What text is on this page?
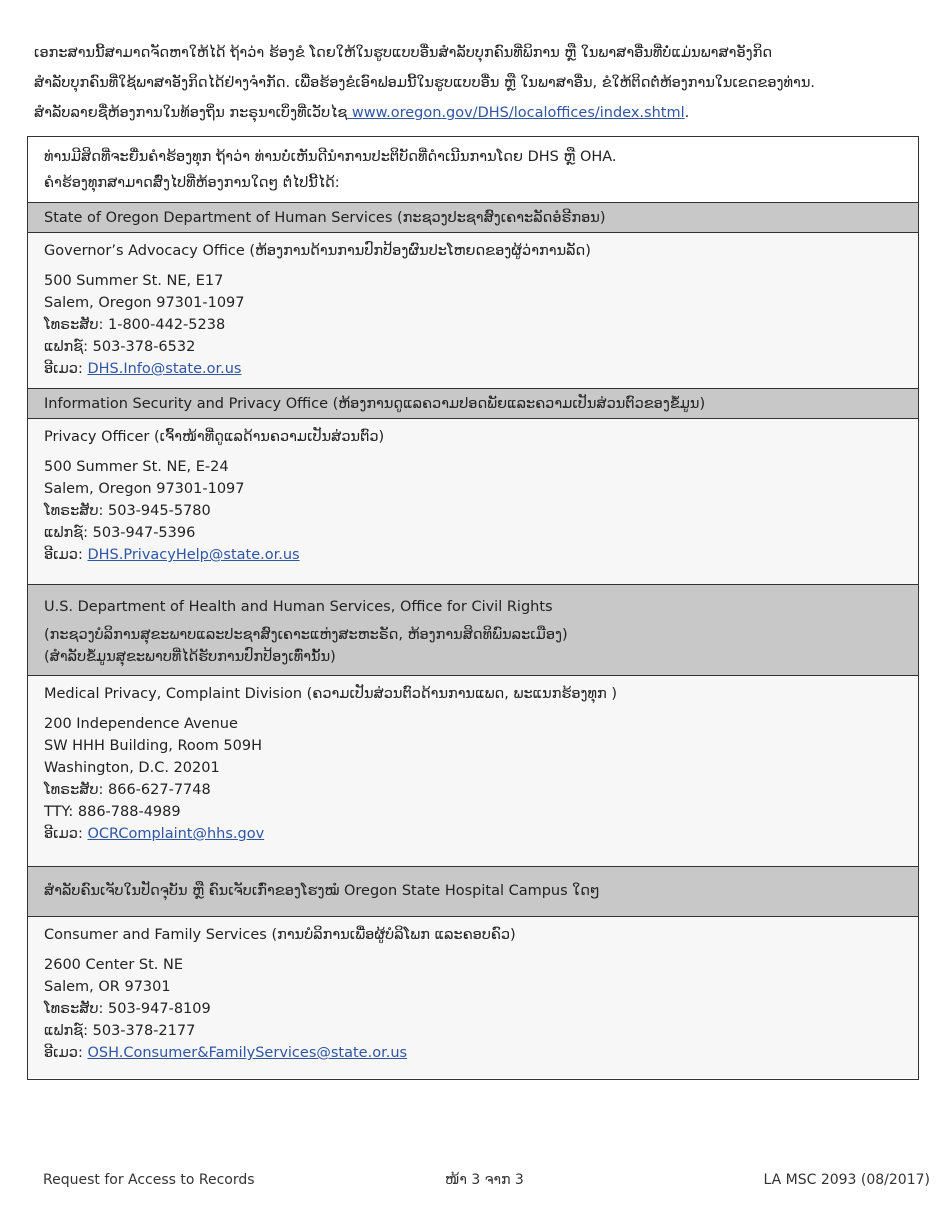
ເອກະສານນີ້ສາມາດຈັດຫາໃຫ້ໄດ້ ຖ້າວ່າ ຮ້ອງຂໍ ໂດຍໃຫ້ໃນຮູບແບບອື່ນສຳລັບບຸກຄົນທີ່ພິການ ຫຼື ໃນພາສາອື່ນທີ່ບໍ່ແມ່ນພາສາອັງກິດ

ສຳລັບບຸກຄົນທີ່ໃຊ້ພາສາອັງກິດໄດ້ຢ່າງຈຳກັດ. ເພື່ອຮ້ອງຂໍເອົາຟອມນີ້ໃນຮູບແບບອື່ນ ຫຼື ໃນພາສາອື່ນ, ຂໍໃຫ້ຕິດຕໍ່ຫ້ອງການໃນເຂດຂອງທ່ານ.

ສຳລັບລາຍຊື່ຫ້ອງການໃນທ້ອງຖິ່ນ ກະຣຸນາເບິ່ງທີ່ເວັບໄຊ www.oregon.gov/DHS/localoffices/index.shtml.

ທ່ານມີສິດທີ່ຈະຍື່ນຄຳຮ້ອງທຸກ ຖ້າວ່າ ທ່ານບໍ່ເຫັນດີນຳການປະຕິບັດທີ່ດຳເນີນການໂດຍ DHS ຫຼື OHA.

ຄຳຮ້ອງທຸກສາມາດສົ່ງໄປທີ່ຫ້ອງການໃດໆ ຕໍ່ໄປນີ້ໄດ້:

State of Oregon Department of Human Services (ກະຊວງປະຊາສົງເຄາະລັດອໍຣີກອນ)

Governor’s Advocacy Office (ຫ້ອງການດ້ານການປົກປ້ອງຜົນປະໂຫຍດຂອງຜູ້ວ່າການລັດ)

500 Summer St. NE, E17

Salem, Oregon 97301-1097

ໂທຣະສັບ: 1-800-442-5238

ແຟກຊ໌: 503-378-6532

ອີເມວ: DHS.Info@state.or.us

Information Security and Privacy Office (ຫ້ອງການດູແລຄວາມປອດພັຍແລະຄວາມເປັນສ່ວນຕົວຂອງຂໍ້ມູນ)

Privacy Officer (ເຈົ້າໜ້າທີ່ດູແລດ້ານຄວາມເປັນສ່ວນຕົວ)

500 Summer St. NE, E-24

Salem, Oregon 97301-1097

ໂທຣະສັບ: 503-945-5780

ແຟກຊ໌: 503-947-5396

ອີເມວ: DHS.PrivacyHelp@state.or.us

U.S. Department of Health and Human Services, Office for Civil Rights

(ກະຊວງບໍລິການສຸຂະພາບແລະປະຊາສົງເຄາະແຫ່ງສະຫະຣັດ, ຫ້ອງການສິດທິພົນລະເມືອງ)

(ສຳລັບຂໍ້ມູນສຸຂະພາບທີ່ໄດ້ຮັບການປົກປ້ອງເທົ່ານັ້ນ)

Medical Privacy, Complaint Division (ຄວາມເປັນສ່ວນຕົວດ້ານການແພດ, ພະແນກຮ້ອງທຸກ )

200 Independence Avenue

SW HHH Building, Room 509H

Washington, D.C. 20201

ໂທຣະສັບ: 866-627-7748

TTY: 886-788-4989

ອີເມວ: OCRComplaint@hhs.gov

ສຳລັບຄົນເຈັບໃນປັດຈຸບັນ ຫຼື ຄົນເຈັບເກົ່າຂອງໂຮງໝໍ Oregon State Hospital Campus ໃດໆ

Consumer and Family Services (ການບໍລິການເພື່ອຜູ້ບໍລິໂພກ ແລະຄອບຄົວ)

2600 Center St. NE

Salem, OR 97301

ໂທຣະສັບ: 503-947-8109

ແຟກຊ໌: 503-378-2177

ອີເມວ: OSH.Consumer&FamilyServices@state.or.us

Request for Access to Records	ໜ້າ 3 ຈາກ 3	LA MSC 2093 (08/2017)
